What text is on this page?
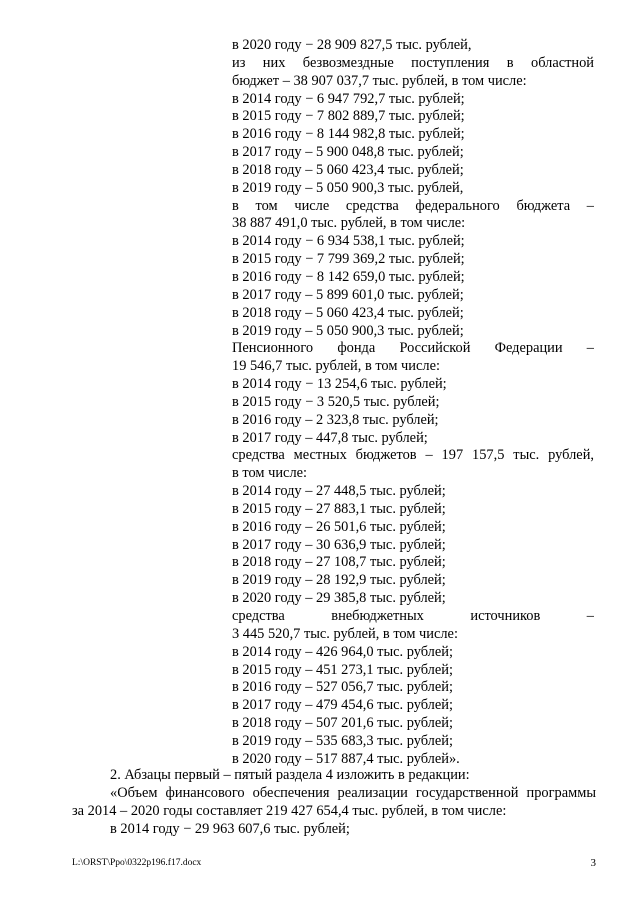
в 2020 году − 28 909 827,5 тыс. рублей,
из них безвозмездные поступления в областной
бюджет – 38 907 037,7 тыс. рублей, в том числе:
в 2014 году − 6 947 792,7 тыс. рублей;
в 2015 году − 7 802 889,7 тыс. рублей;
в 2016 году − 8 144 982,8 тыс. рублей;
в 2017 году – 5 900 048,8 тыс. рублей;
в 2018 году – 5 060 423,4 тыс. рублей;
в 2019 году – 5 050 900,3 тыс. рублей,
в том числе средства федерального бюджета –
38 887 491,0 тыс. рублей, в том числе:
в 2014 году − 6 934 538,1 тыс. рублей;
в 2015 году − 7 799 369,2 тыс. рублей;
в 2016 году − 8 142 659,0 тыс. рублей;
в 2017 году – 5 899 601,0 тыс. рублей;
в 2018 году – 5 060 423,4 тыс. рублей;
в 2019 году – 5 050 900,3 тыс. рублей;
Пенсионного фонда Российской Федерации –
19 546,7 тыс. рублей, в том числе:
в 2014 году − 13 254,6 тыс. рублей;
в 2015 году − 3 520,5 тыс. рублей;
в 2016 году – 2 323,8 тыс. рублей;
в 2017 году – 447,8 тыс. рублей;
средства местных бюджетов – 197 157,5 тыс. рублей,
в том числе:
в 2014 году – 27 448,5 тыс. рублей;
в 2015 году – 27 883,1 тыс. рублей;
в 2016 году – 26 501,6 тыс. рублей;
в 2017 году – 30 636,9 тыс. рублей;
в 2018 году – 27 108,7 тыс. рублей;
в 2019 году – 28 192,9 тыс. рублей;
в 2020 году – 29 385,8 тыс. рублей;
средства внебюджетных источников –
3 445 520,7 тыс. рублей, в том числе:
в 2014 году – 426 964,0 тыс. рублей;
в 2015 году – 451 273,1 тыс. рублей;
в 2016 году – 527 056,7 тыс. рублей;
в 2017 году – 479 454,6 тыс. рублей;
в 2018 году – 507 201,6 тыс. рублей;
в 2019 году – 535 683,3 тыс. рублей;
в 2020 году – 517 887,4 тыс. рублей».
2. Абзацы первый – пятый раздела 4 изложить в редакции:
«Объем финансового обеспечения реализации государственной программы
за 2014 – 2020 годы составляет 219 427 654,4 тыс. рублей, в том числе:
в 2014 году − 29 963 607,6 тыс. рублей;
L:\ORST\Ppo\0322p196.f17.docx	3
